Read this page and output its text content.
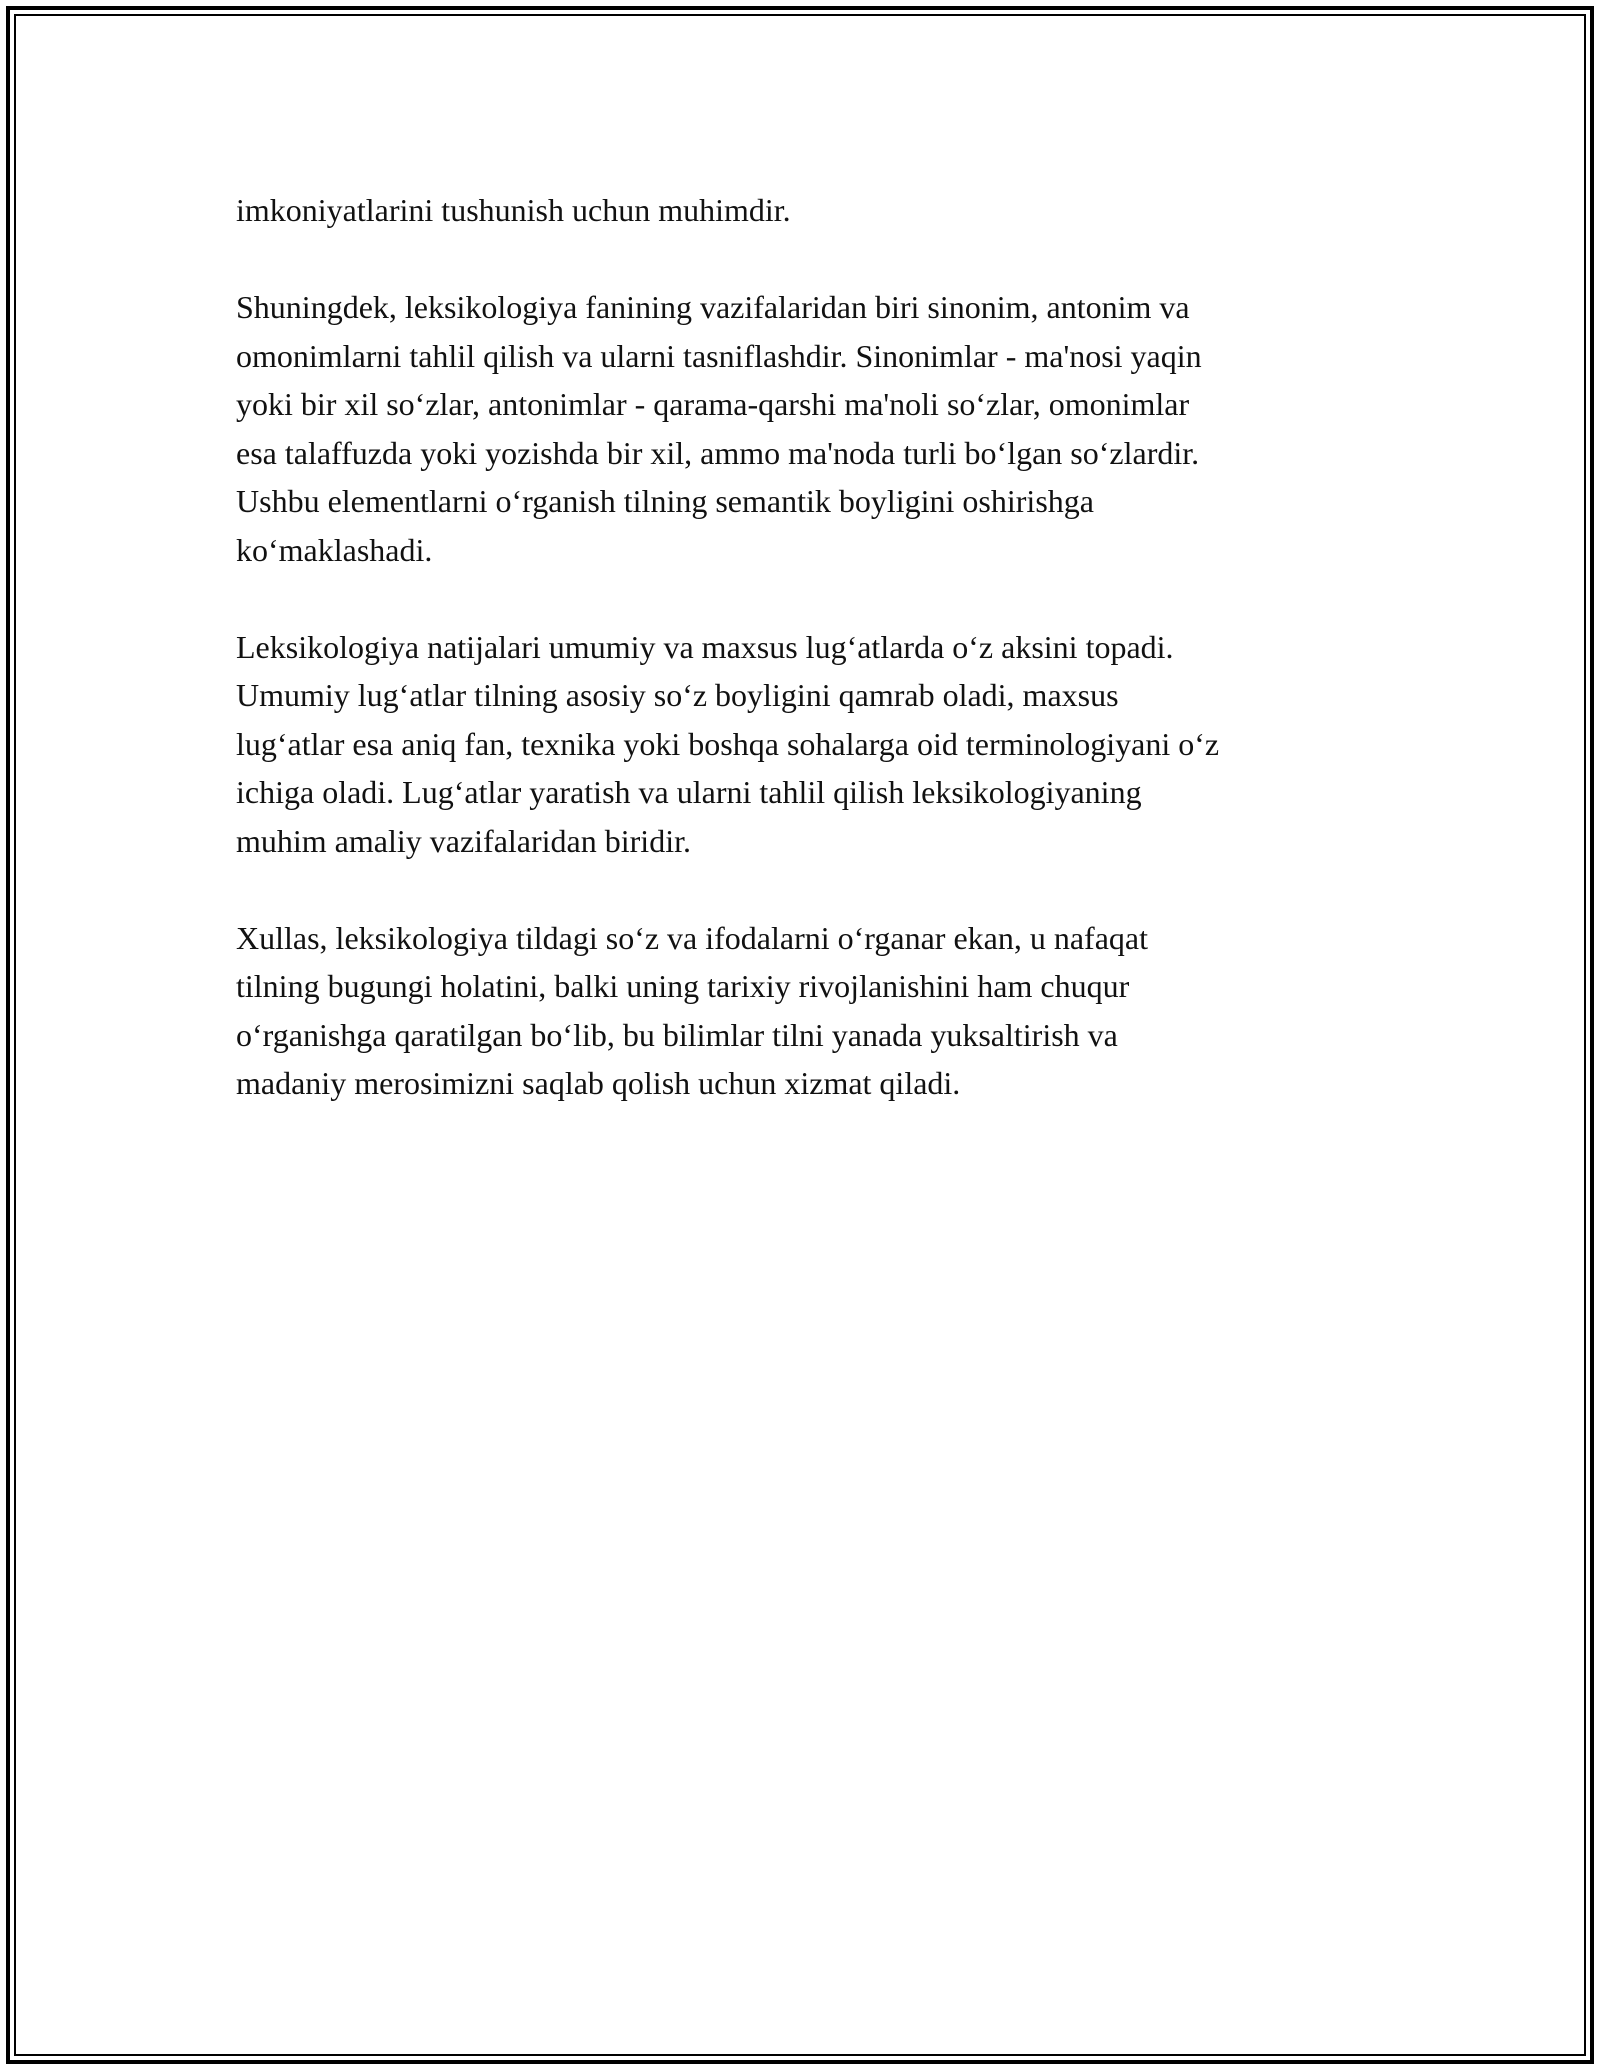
imkoniyatlarini tushunish uchun muhimdir.

Shuningdek, leksikologiya fanining vazifalaridan biri sinonim, antonim va
omonimlarni tahlil qilish va ularni tasniflashdir. Sinonimlar - ma'nosi yaqin
yoki bir xil so‘zlar, antonimlar - qarama-qarshi ma'noli so‘zlar, omonimlar
esa talaffuzda yoki yozishda bir xil, ammo ma'noda turli bo‘lgan so‘zlardir.
Ushbu elementlarni o‘rganish tilning semantik boyligini oshirishga
ko‘maklashadi.

Leksikologiya natijalari umumiy va maxsus lug‘atlarda o‘z aksini topadi.
Umumiy lug‘atlar tilning asosiy so‘z boyligini qamrab oladi, maxsus
lug‘atlar esa aniq fan, texnika yoki boshqa sohalarga oid terminologiyani o‘z
ichiga oladi. Lug‘atlar yaratish va ularni tahlil qilish leksikologiyaning
muhim amaliy vazifalaridan biridir.

Xullas, leksikologiya tildagi so‘z va ifodalarni o‘rganar ekan, u nafaqat
tilning bugungi holatini, balki uning tarixiy rivojlanishini ham chuqur
o‘rganishga qaratilgan bo‘lib, bu bilimlar tilni yanada yuksaltirish va
madaniy merosimizni saqlab qolish uchun xizmat qiladi.
